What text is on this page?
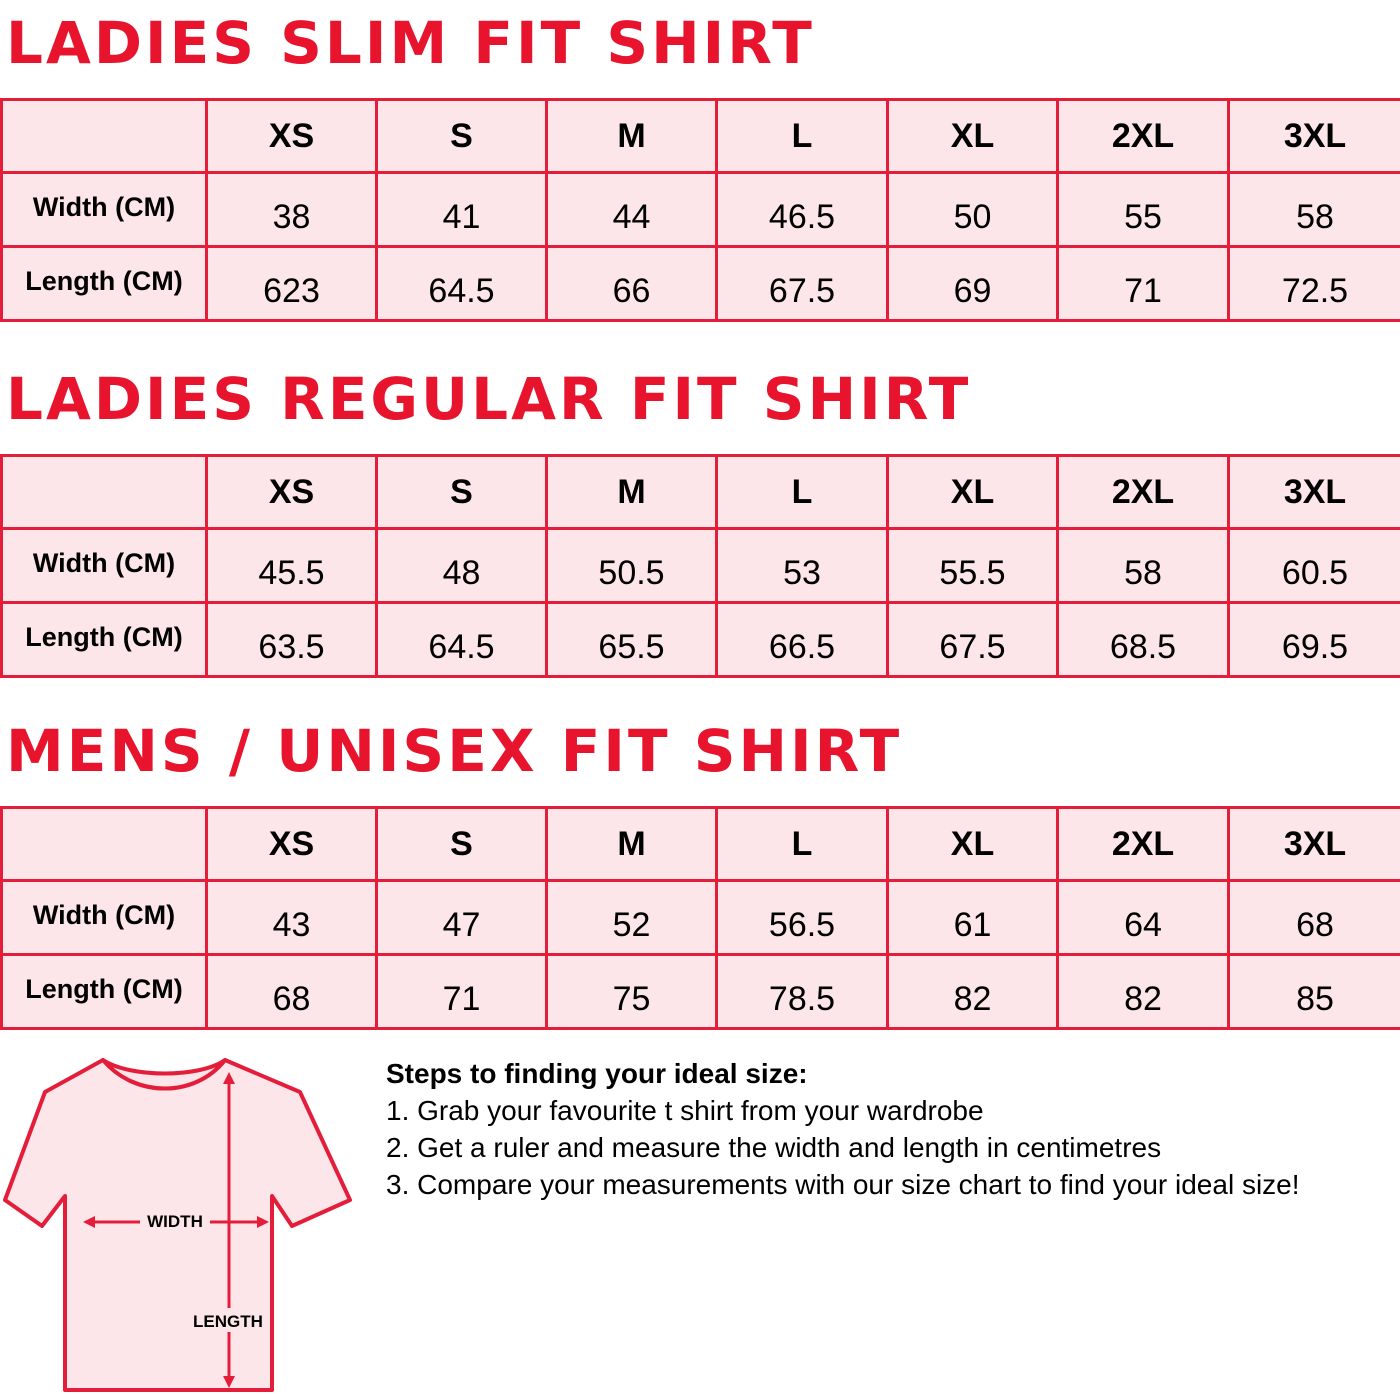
LADIES SLIM FIT SHIRT
	XS	S	M	L	XL	2XL	3XL
Width (CM)	38	41	44	46.5	50	55	58
Length (CM)	623	64.5	66	67.5	69	71	72.5
LADIES REGULAR FIT SHIRT
	XS	S	M	L	XL	2XL	3XL
Width (CM)	45.5	48	50.5	53	55.5	58	60.5
Length (CM)	63.5	64.5	65.5	66.5	67.5	68.5	69.5
MENS / UNISEX FIT SHIRT
	XS	S	M	L	XL	2XL	3XL
Width (CM)	43	47	52	56.5	61	64	68
Length (CM)	68	71	75	78.5	82	82	85
WIDTH
LENGTH
Steps to finding your ideal size:
1. Grab your favourite t shirt from your wardrobe
2. Get a ruler and measure the width and length in centimetres
3. Compare your measurements with our size chart to find your ideal size!
